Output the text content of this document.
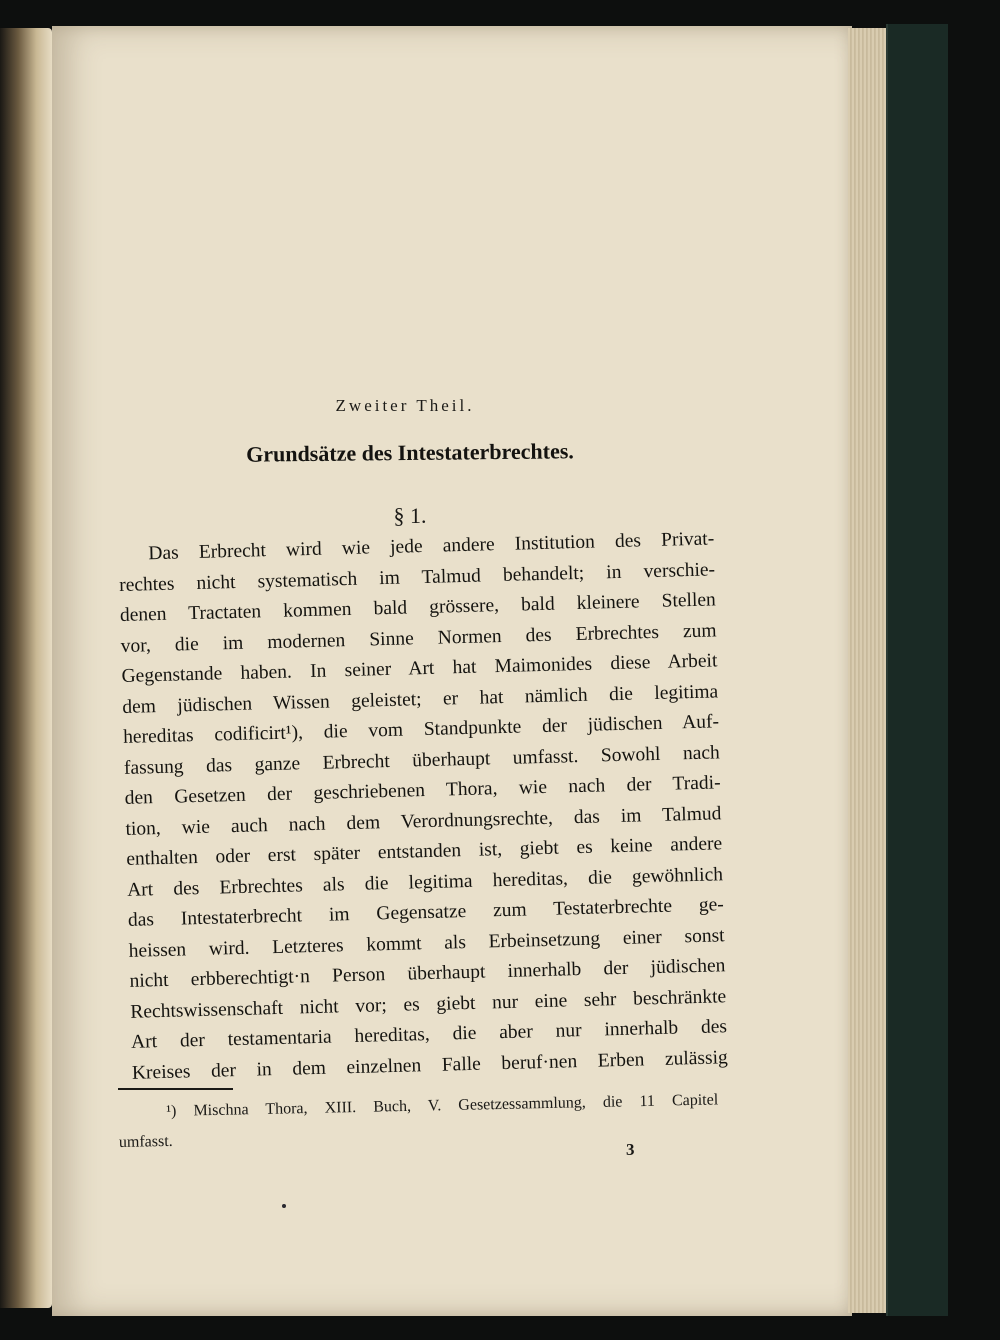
Zweiter Theil.
Grundsätze des Intestaterbrechtes.
§ 1.
Das Erbrecht wird wie jede andere Institution des Privat-
rechtes nicht systematisch im Talmud behandelt; in verschie-
denen Tractaten kommen bald grössere, bald kleinere Stellen
vor, die im modernen Sinne Normen des Erbrechtes zum
Gegenstande haben. In seiner Art hat Maimonides diese Arbeit
dem jüdischen Wissen geleistet; er hat nämlich die legitima
hereditas codificirt¹), die vom Standpunkte der jüdischen Auf-
fassung das ganze Erbrecht überhaupt umfasst. Sowohl nach
den Gesetzen der geschriebenen Thora, wie nach der Tradi-
tion, wie auch nach dem Verordnungsrechte, das im Talmud
enthalten oder erst später entstanden ist, giebt es keine andere
Art des Erbrechtes als die legitima hereditas, die gewöhnlich
das Intestaterbrecht im Gegensatze zum Testaterbrechte ge-
heissen wird. Letzteres kommt als Erbeinsetzung einer sonst
nicht erbberechtigt·n Person überhaupt innerhalb der jüdischen
Rechtswissenschaft nicht vor; es giebt nur eine sehr beschränkte
Art der testamentaria hereditas, die aber nur innerhalb des
Kreises der in dem einzelnen Falle beruf·nen Erben zulässig
¹) Mischna Thora, XIII. Buch, V. Gesetzessammlung, die 11 Capitel
umfasst.	3
